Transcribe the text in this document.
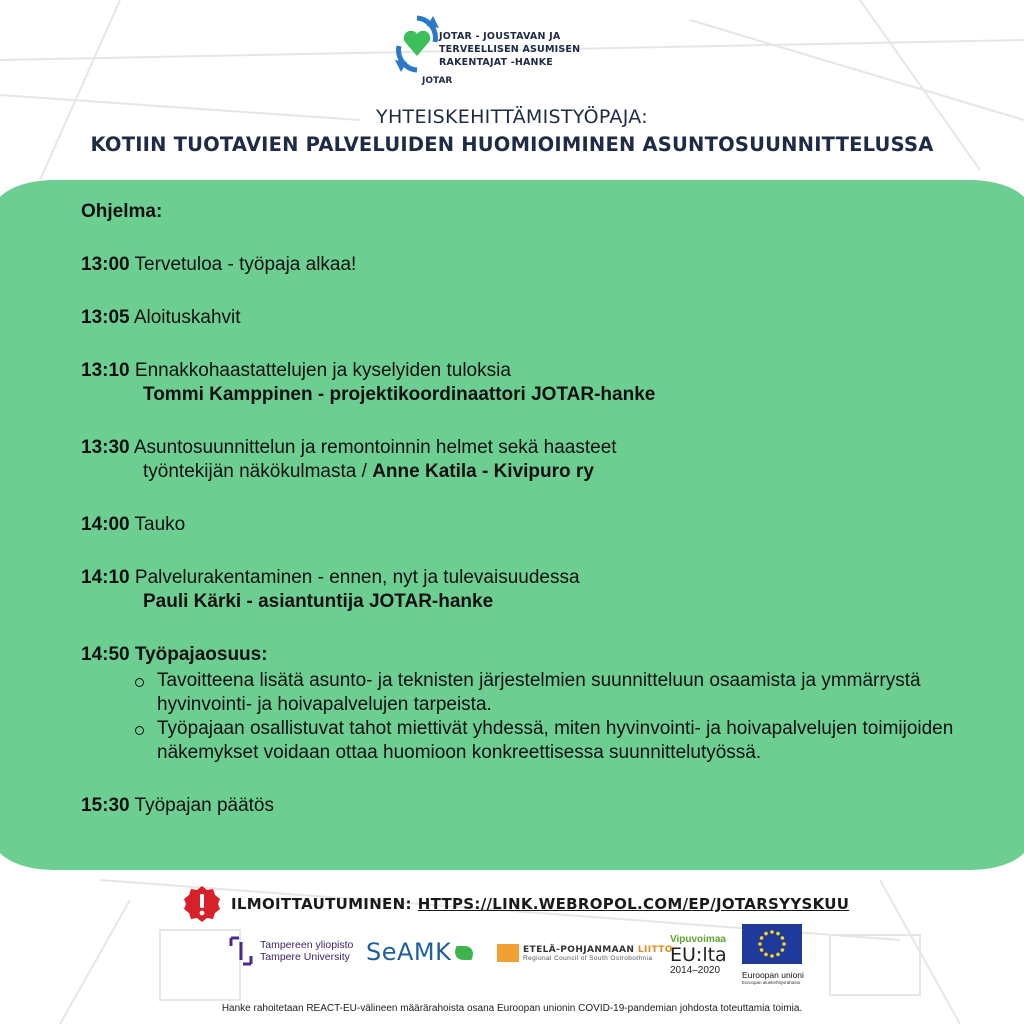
JOTAR - JOUSTAVAN JA
TERVEELLISEN ASUMISEN
RAKENTAJAT -HANKE
JOTAR
YHTEISKEHITTÄMISTYÖPAJA:
KOTIIN TUOTAVIEN PALVELUIDEN HUOMIOIMINEN ASUNTOSUUNNITTELUSSA
Ohjelma:
13:00 Tervetuloa - työpaja alkaa!
13:05 Aloituskahvit
13:10 Ennakkohaastattelujen ja kyselyiden tuloksia
Tommi Kamppinen - projektikoordinaattori JOTAR-hanke
13:30 Asuntosuunnittelun ja remontoinnin helmet sekä haasteet
työntekijän näkökulmasta / Anne Katila - Kivipuro ry
14:00 Tauko
14:10 Palvelurakentaminen - ennen, nyt ja tulevaisuudessa
Pauli Kärki - asiantuntija JOTAR-hanke
14:50 Työpajaosuus:
Tavoitteena lisätä asunto- ja teknisten järjestelmien suunnitteluun osaamista ja ymmärrystä hyvinvointi- ja hoivapalvelujen tarpeista.
Työpajaan osallistuvat tahot miettivät yhdessä, miten hyvinvointi- ja hoivapalvelujen toimijoiden näkemykset voidaan ottaa huomioon konkreettisessa suunnittelutyössä.
15:30 Työpajan päätös
ILMOITTAUTUMINEN: HTTPS://LINK.WEBROPOL.COM/EP/JOTARSYYSKUU
Tampereen yliopisto
Tampere University SeAMK	ETELÄ-POHJANMAAN LIITTO
Regional Council of South Ostrobothnia
Vipuvoimaa
EU:lta
2014–2020	Euroopan unioni
Euroopan aluekehitysrahasto
Hanke rahoitetaan REACT-EU-välineen määrärahoista osana Euroopan unionin COVID-19-pandemian johdosta toteuttamia toimia.
